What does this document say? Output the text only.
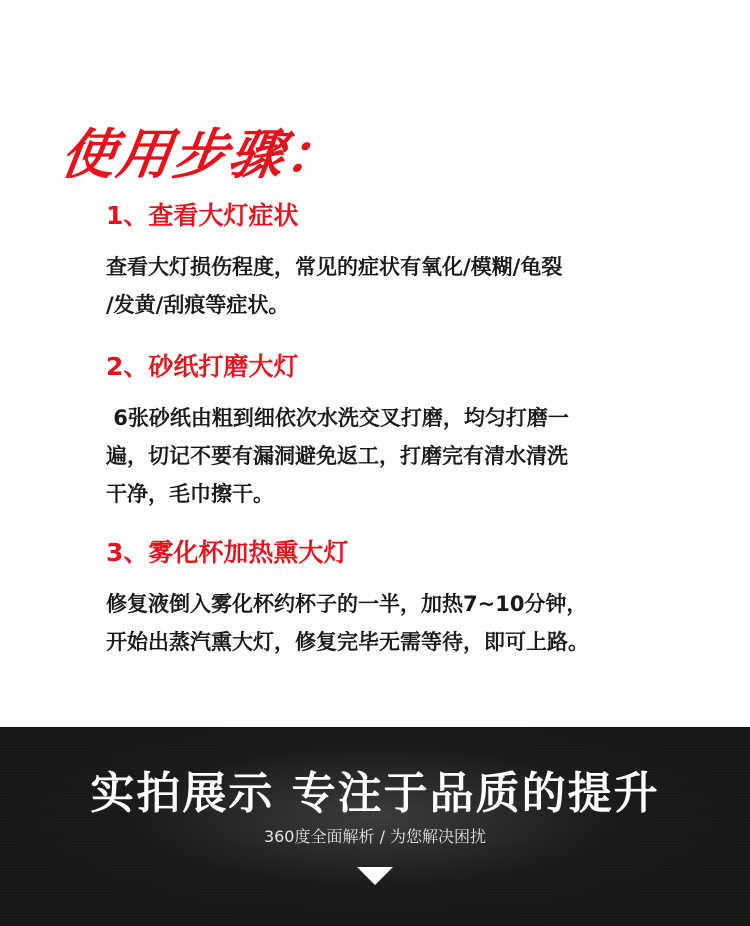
使用步骤：
1、查看大灯症状
查看大灯损伤程度，常见的症状有氧化/模糊/龟裂
/发黄/刮痕等症状。
2、砂纸打磨大灯
6张砂纸由粗到细依次水洗交叉打磨，均匀打磨一
遍，切记不要有漏洞避免返工，打磨完有清水清洗
干净，毛巾擦干。
3、雾化杯加热熏大灯
修复液倒入雾化杯约杯子的一半，加热7~10分钟，
开始出蒸汽熏大灯，修复完毕无需等待，即可上路。
实拍展示 专注于品质的提升
360度全面解析 / 为您解决困扰
